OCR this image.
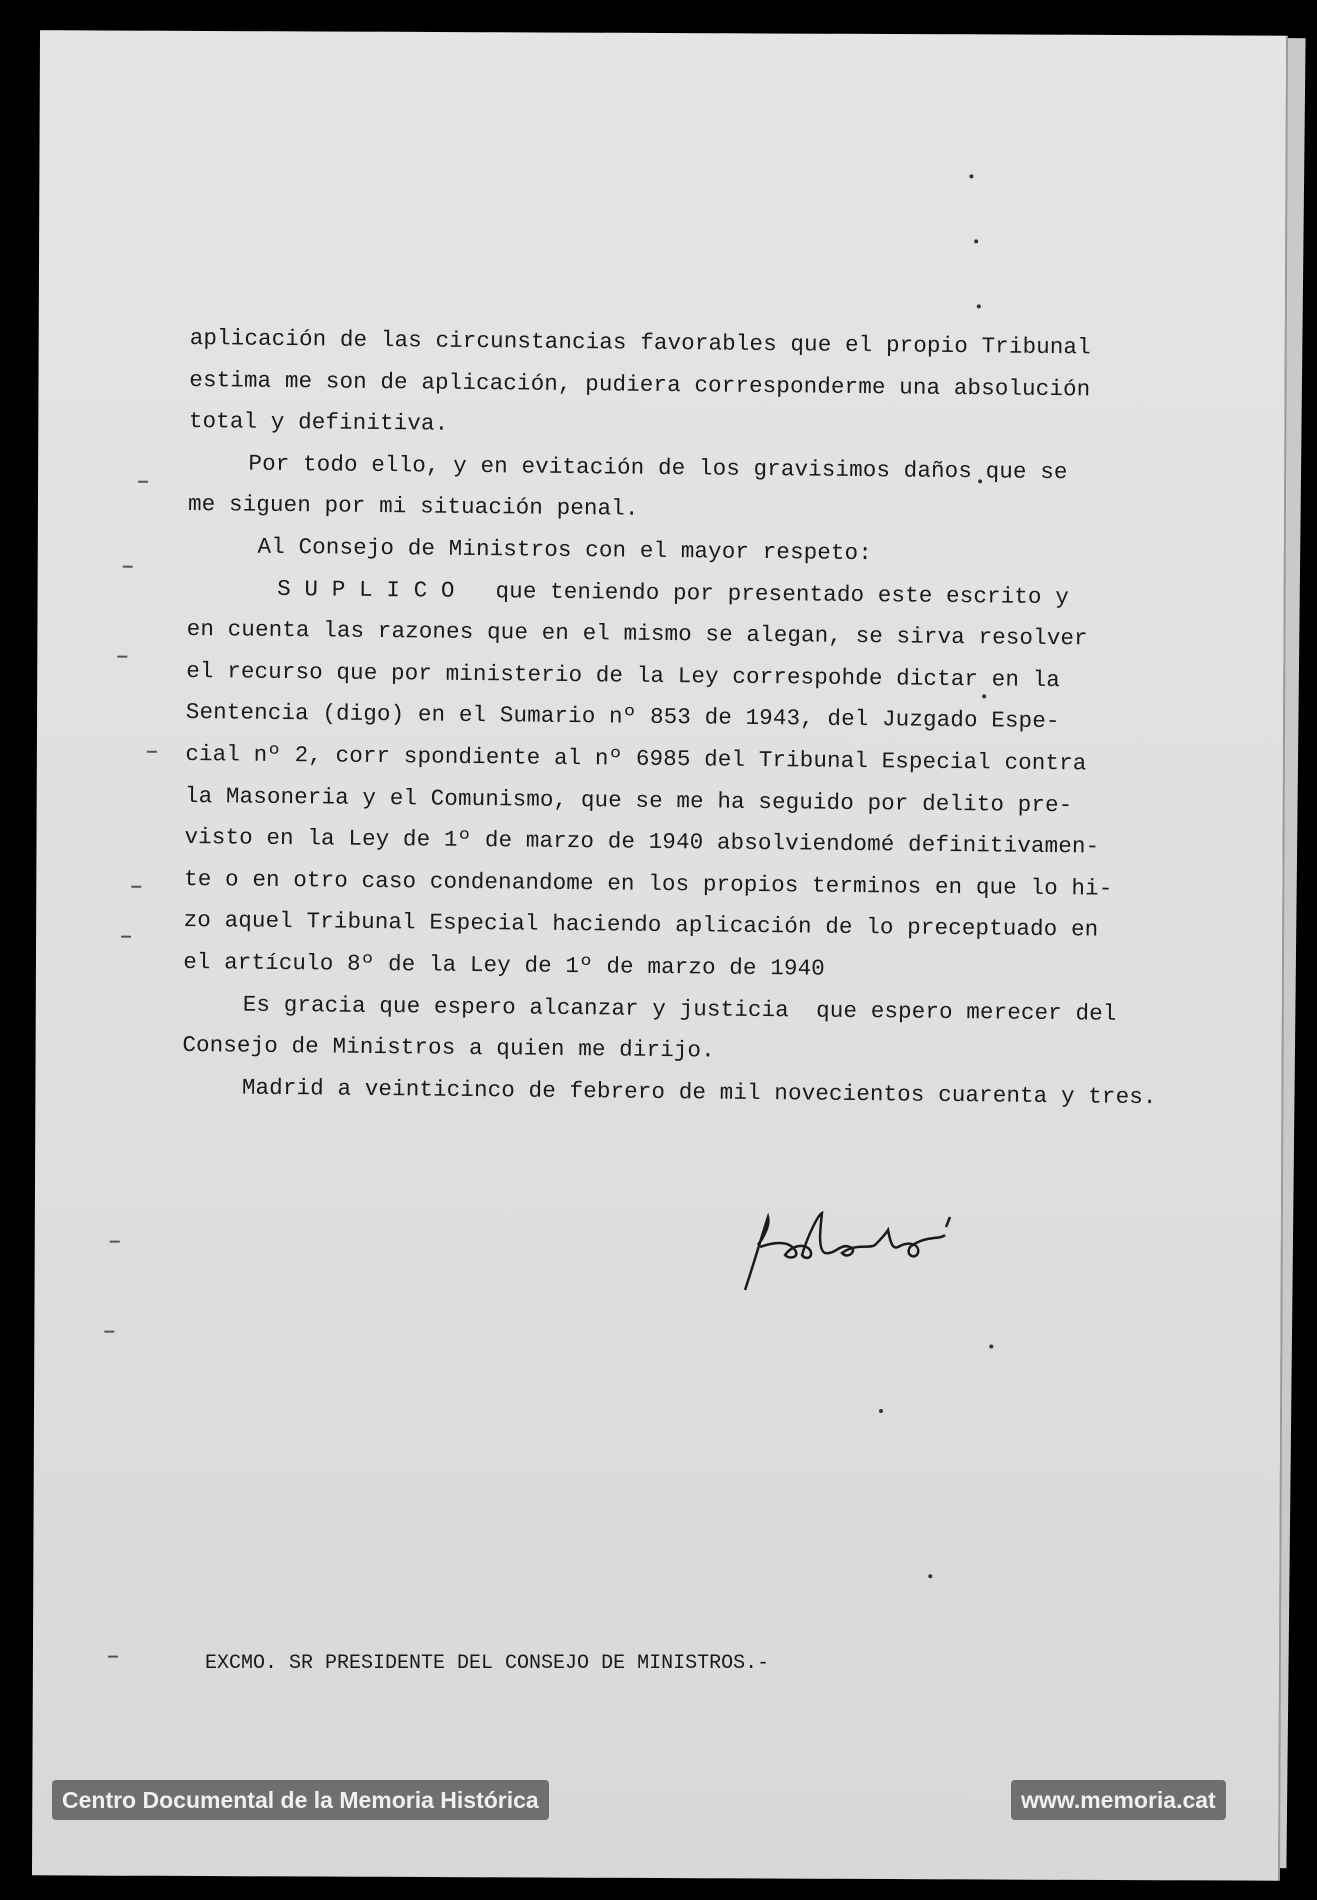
aplicación de las circunstancias favorables que el propio Tribunal
estima me son de aplicación, pudiera corresponderme una absolución
total y definitiva.
Por todo ello, y en evitación de los gravisimos daños que se
me siguen por mi situación penal.
Al Consejo de Ministros con el mayor respeto:
S U P L I C O   que teniendo por presentado este escrito y
en cuenta las razones que en el mismo se alegan, se sirva resolver
el recurso que por ministerio de la Ley correspohde dictar en la
Sentencia (digo) en el Sumario nº 853 de 1943, del Juzgado Espe-
cial nº 2, corr spondiente al nº 6985 del Tribunal Especial contra
la Masoneria y el Comunismo, que se me ha seguido por delito pre-
visto en la Ley de 1º de marzo de 1940 absolviendomé definitivamen-
te o en otro caso condenandome en los propios terminos en que lo hi-
zo aquel Tribunal Especial haciendo aplicación de lo preceptuado en
el artículo 8º de la Ley de 1º de marzo de 1940
Es gracia que espero alcanzar y justicia  que espero merecer del
Consejo de Ministros a quien me dirijo.
Madrid a veinticinco de febrero de mil novecientos cuarenta y tres.
EXCMO. SR PRESIDENTE DEL CONSEJO DE MINISTROS.-
Centro Documental de la Memoria Histórica	www.memoria.cat
